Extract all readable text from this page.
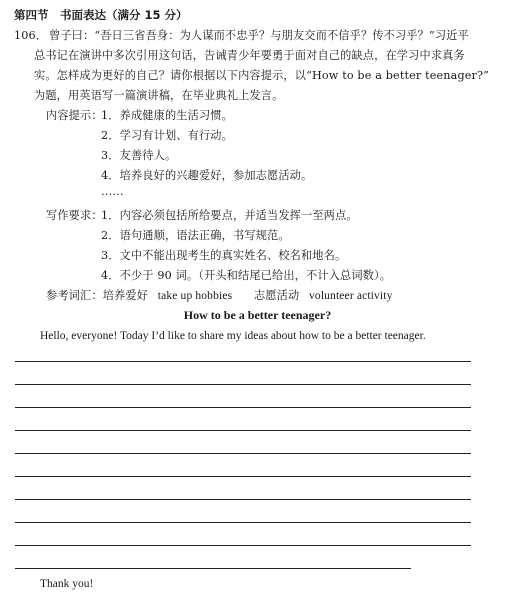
第四节　书面表达（满分 15 分）
106． 曾子曰：“吾日三省吾身：为人谋而不忠乎？与朋友交而不信乎？传不习乎？”习近平
总书记在演讲中多次引用这句话，告诫青少年要勇于面对自己的缺点，在学习中求真务
实。怎样成为更好的自己？请你根据以下内容提示，以“How to be a better teenager?”
为题，用英语写一篇演讲稿，在毕业典礼上发言。
内容提示：
1．养成健康的生活习惯。
2．学习有计划、有行动。
3．友善待人。
4．培养良好的兴趣爱好，参加志愿活动。
……
写作要求：
1．内容必须包括所给要点，并适当发挥一至两点。
2．语句通顺，语法正确，书写规范。
3．文中不能出现考生的真实姓名、校名和地名。
4．不少于 90 词。（开头和结尾已给出，不计入总词数）。
参考词汇：培养爱好 take up hobbies 志愿活动 volunteer activity
How to be a better teenager?
Hello, everyone! Today I’d like to share my ideas about how to be a better teenager.
Thank you!
